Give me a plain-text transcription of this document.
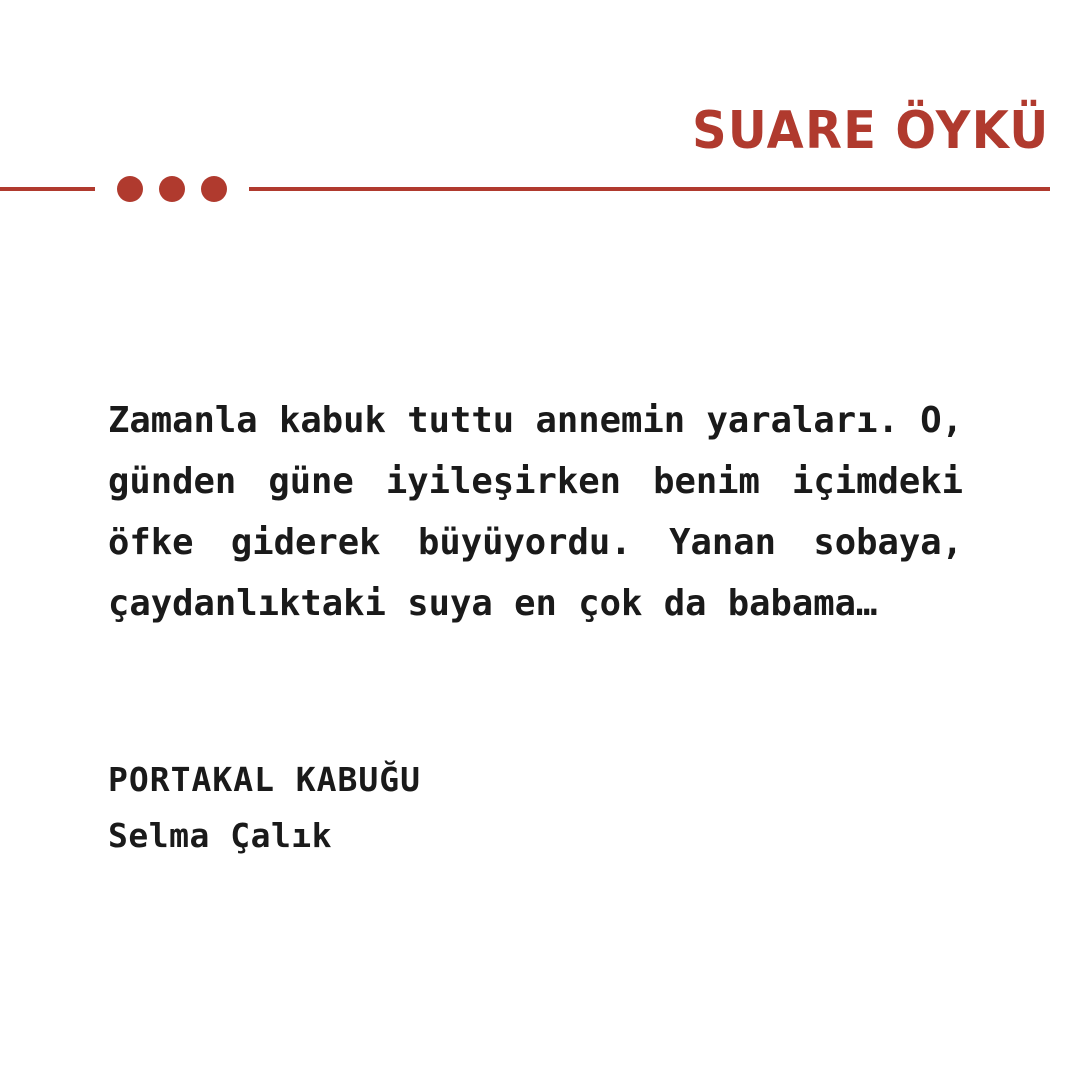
SUARE ÖYKÜ

Zamanla kabuk tuttu annemin yaraları. O, günden güne iyileşirken benim içimdeki öfke giderek büyüyordu. Yanan sobaya, çaydanlıktaki suya en çok da babama…

PORTAKAL KABUĞU

Selma Çalık
